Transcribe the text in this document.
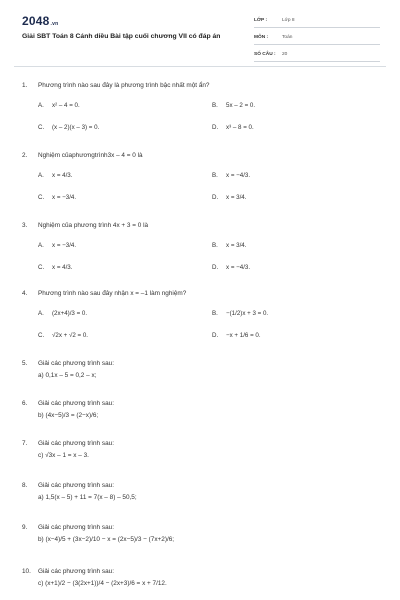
2048.vn
Giải SBT Toán 8 Cánh diều Bài tập cuối chương VII có đáp án
LỚP :	Lớp 8
MÔN :	Toán
SỐ CÂU :	20
1. Phương trình nào sau đây là phương trình bậc nhất một ẩn?
A. x² – 4 = 0.	B. 5x – 2 = 0.
C. (x – 2)(x – 3) = 0.	D. x³ – 8 = 0.
2. Nghiệm củaphươngtrình3x – 4 = 0 là
A. x = 4/3.	B. x = −4/3.
C. x = −3/4.	D. x = 3/4.
3. Nghiệm của phương trình 4x + 3 = 0 là
A. x = −3/4.	B. x = 3/4.
C. x = 4/3.	D. x = −4/3.
4. Phương trình nào sau đây nhận x = –1 làm nghiệm?
A. (2x+4)/3 = 0.	B. −(1/2)x + 3 = 0.
C. √2x + √2 = 0.	D. −x + 1/6 = 0.
5. Giải các phương trình sau:
a) 0,1x – 5 = 0,2 – x;
6. Giải các phương trình sau:
b) (4x−5)/3 = (2−x)/6;
7. Giải các phương trình sau:
c) √3x – 1 = x – 3.
8. Giải các phương trình sau:
a) 1,5(x – 5) + 11 = 7(x – 8) – 50,5;
9. Giải các phương trình sau:
b) (x−4)/5 + (3x−2)/10 − x = (2x−5)/3 − (7x+2)/6;
10. Giải các phương trình sau:
c) (x+1)/2 − (3(2x+1))/4 − (2x+3)/6 = x + 7/12.
